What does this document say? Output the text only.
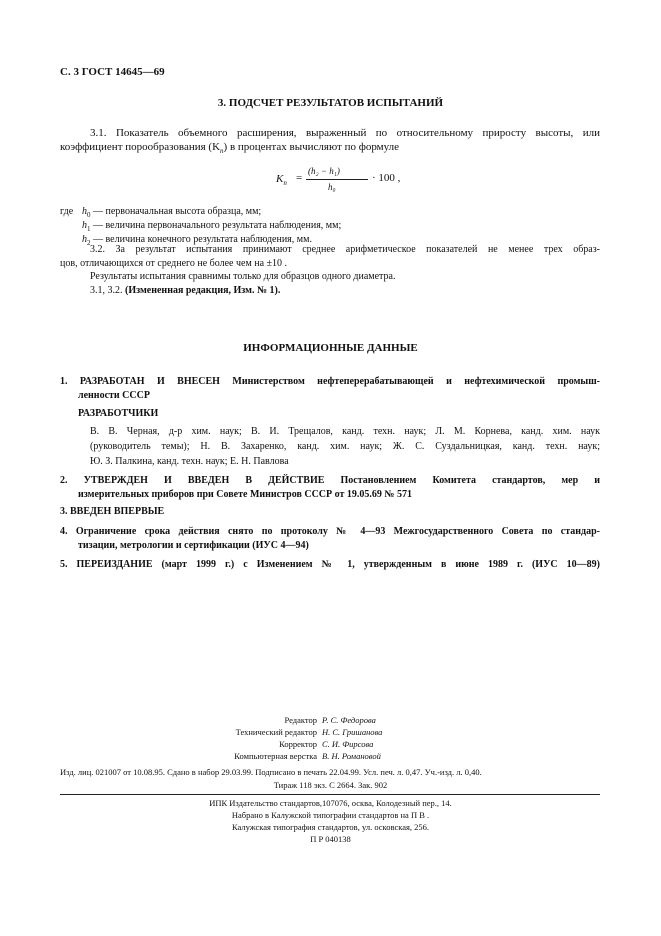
С. 3 ГОСТ 14645—69
3. ПОДСЧЕТ РЕЗУЛЬТАТОВ ИСПЫТАНИЙ
3.1. Показатель объемного расширения, выраженный по относительному приросту высоты, или
коэффициент порообразования $(K_п)$ в процентах вычисляют по формуле
$K_п$ =
(h₂ − h₁)
h₀
· 100 ,
где $h_0$ — первоначальная высота образца, мм;
$h_1$ — величина первоначального результата наблюдения, мм;
$h_2$ — величина конечного результата наблюдения, мм.
3.2. За результат испытания принимают среднее арифметическое показателей не менее трех образ-
цов, отличающихся от среднего не более чем на ±10 .
Результаты испытания сравнимы только для образцов одного диаметра.
3.1, 3.2. (Измененная редакция, Изм. № 1).
ИНФОРМАЦИОННЫЕ ДАННЫЕ
1. РАЗРАБОТАН И ВНЕСЕН Министерством нефтеперерабатывающей и нефтехимической промыш-
ленности СССР
РАЗРАБОТЧИКИ
В. В. Черная, д-р хим. наук; В. И. Трещалов, канд. техн. наук; Л. М. Корнева, канд. хим. наук
(руководитель темы); Н. В. Захаренко, канд. хим. наук; Ж. С. Суздальницкая, канд. техн. наук;
Ю. З. Палкина, канд. техн. наук; Е. Н. Павлова
2. УТВЕРЖДЕН И ВВЕДЕН В ДЕЙСТВИЕ Постановлением Комитета стандартов, мер и
измерительных приборов при Совете Министров СССР от 19.05.69 № 571
3. ВВЕДЕН ВПЕРВЫЕ
4. Ограничение срока действия снято по протоколу № 4—93 Межгосударственного Совета по стандар-
тизации, метрологии и сертификации (ИУС 4—94)
5. ПЕРЕИЗДАНИЕ (март 1999 г.) с Изменением № 1, утвержденным в июне 1989 г. (ИУС 10—89)
Редактор Р. С. Федорова
Технический редактор Н. С. Гришанова
Корректор С. И. Фирсова
Компьютерная верстка В. Н. Романовой
Изд. лиц. 021007 от 10.08.95. Сдано в набор 29.03.99. Подписано в печать 22.04.99. Усл. печ. л. 0,47. Уч.-изд. л. 0,40.
Тираж 118 экз. С 2664. Зак. 902
ИПК Издательство стандартов,107076, осква, Колодезный пер., 14.
Набрано в Калужской типографии стандартов на П В .
Калужская типография стандартов, ул. осковская, 256.
П Р 040138
